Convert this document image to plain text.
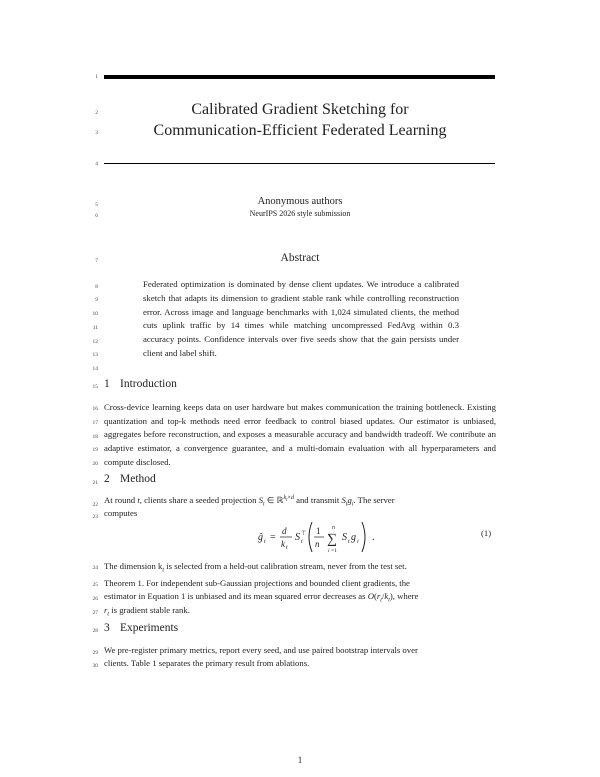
1
2
3
4
5
6
7
8
9
10
11
12
13
14
15
16
17
18
19
20
21
22
23
24
25
26
27
28
29
30
Calibrated Gradient Sketching for
Communication-Efficient Federated Learning
Anonymous authors
NeurIPS 2026 style submission
Abstract
Federated optimization is dominated by dense client updates. We introduce a calibrated sketch that adapts its dimension to gradient stable rank while controlling reconstruction error. Across image and language benchmarks with 1,024 simulated clients, the method cuts uplink traffic by 14 times while matching uncompressed FedAvg within 0.3 accuracy points. Confidence intervals over five seeds show that the gain persists under client and label shift.
1 Introduction
Cross-device learning keeps data on user hardware but makes communication the training bottleneck. Existing quantization and top-k methods need error feedback to control biased updates. Our estimator is unbiased, aggregates before reconstruction, and exposes a measurable accuracy and bandwidth tradeoff. We contribute an adaptive estimator, a convergence guarantee, and a multi-domain evaluation with all hyperparameters and compute disclosed.
2 Method
At round t, clients share a seeded projection $S_t$ ∈ ℝ$^{k_t\times d}$ and transmit $S_tg_i$. The server
computes
ĝ t =
d
k t
S t
⊤ 1
n
n
∑
i =1
S t g i .	(1)
The dimension $k_t$ is selected from a held-out calibration stream, never from the test set.
Theorem 1. For independent sub-Gaussian projections and bounded client gradients, the
estimator in Equation 1 is unbiased and its mean squared error decreases as $O(r_t/k_t)$, where
$r_t$ is gradient stable rank.
3 Experiments
We pre-register primary metrics, report every seed, and use paired bootstrap intervals over
clients. Table 1 separates the primary result from ablations.
1
